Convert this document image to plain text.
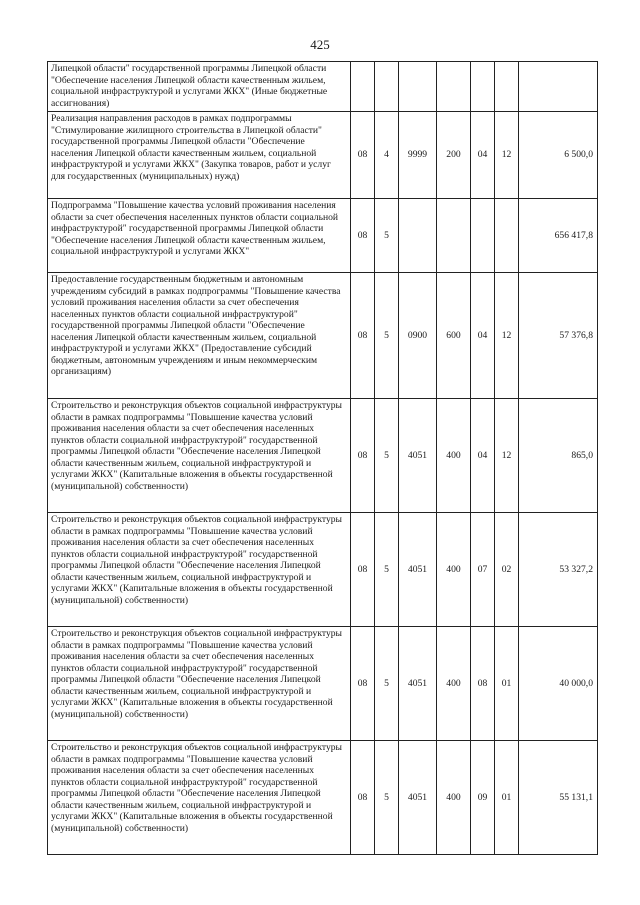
425
Липецкой области" государственной программы Липецкой области "Обеспечение населения Липецкой области качественным жильем, социальной инфраструктурой и услугами ЖКХ" (Иные бюджетные ассигнования)							
Реализация направления расходов в рамках подпрограммы "Стимулирование жилищного строительства в Липецкой области" государственной программы Липецкой области "Обеспечение населения Липецкой области качественным жильем, социальной инфраструктурой и услугами ЖКХ" (Закупка товаров, работ и услуг для государственных (муниципальных) нужд)	08	4	9999	200	04	12	6 500,0
Подпрограмма "Повышение качества условий проживания населения области за счет обеспечения населенных пунктов области социальной инфраструктурой" государственной программы Липецкой области "Обеспечение населения Липецкой области качественным жильем, социальной инфраструктурой и услугами ЖКХ"	08	5					656 417,8
Предоставление государственным бюджетным и автономным учреждениям субсидий в рамках подпрограммы "Повышение качества условий проживания населения области за счет обеспечения населенных пунктов области социальной инфраструктурой" государственной программы Липецкой области "Обеспечение населения Липецкой области качественным жильем, социальной инфраструктурой и услугами ЖКХ" (Предоставление субсидий бюджетным, автономным учреждениям и иным некоммерческим организациям)	08	5	0900	600	04	12	57 376,8
Строительство и реконструкция объектов социальной инфраструктуры области в рамках подпрограммы "Повышение качества условий проживания населения области за счет обеспечения населенных пунктов области социальной инфраструктурой" государственной программы Липецкой области "Обеспечение населения Липецкой области качественным жильем, социальной инфраструктурой и услугами ЖКХ" (Капитальные вложения в объекты государственной (муниципальной) собственности)	08	5	4051	400	04	12	865,0
Строительство и реконструкция объектов социальной инфраструктуры области в рамках подпрограммы "Повышение качества условий проживания населения области за счет обеспечения населенных пунктов области социальной инфраструктурой" государственной программы Липецкой области "Обеспечение населения Липецкой области качественным жильем, социальной инфраструктурой и услугами ЖКХ" (Капитальные вложения в объекты государственной (муниципальной) собственности)	08	5	4051	400	07	02	53 327,2
Строительство и реконструкция объектов социальной инфраструктуры области в рамках подпрограммы "Повышение качества условий проживания населения области за счет обеспечения населенных пунктов области социальной инфраструктурой" государственной программы Липецкой области "Обеспечение населения Липецкой области качественным жильем, социальной инфраструктурой и услугами ЖКХ" (Капитальные вложения в объекты государственной (муниципальной) собственности)	08	5	4051	400	08	01	40 000,0
Строительство и реконструкция объектов социальной инфраструктуры области в рамках подпрограммы "Повышение качества условий проживания населения области за счет обеспечения населенных пунктов области социальной инфраструктурой" государственной программы Липецкой области "Обеспечение населения Липецкой области качественным жильем, социальной инфраструктурой и услугами ЖКХ" (Капитальные вложения в объекты государственной (муниципальной) собственности)	08	5	4051	400	09	01	55 131,1
